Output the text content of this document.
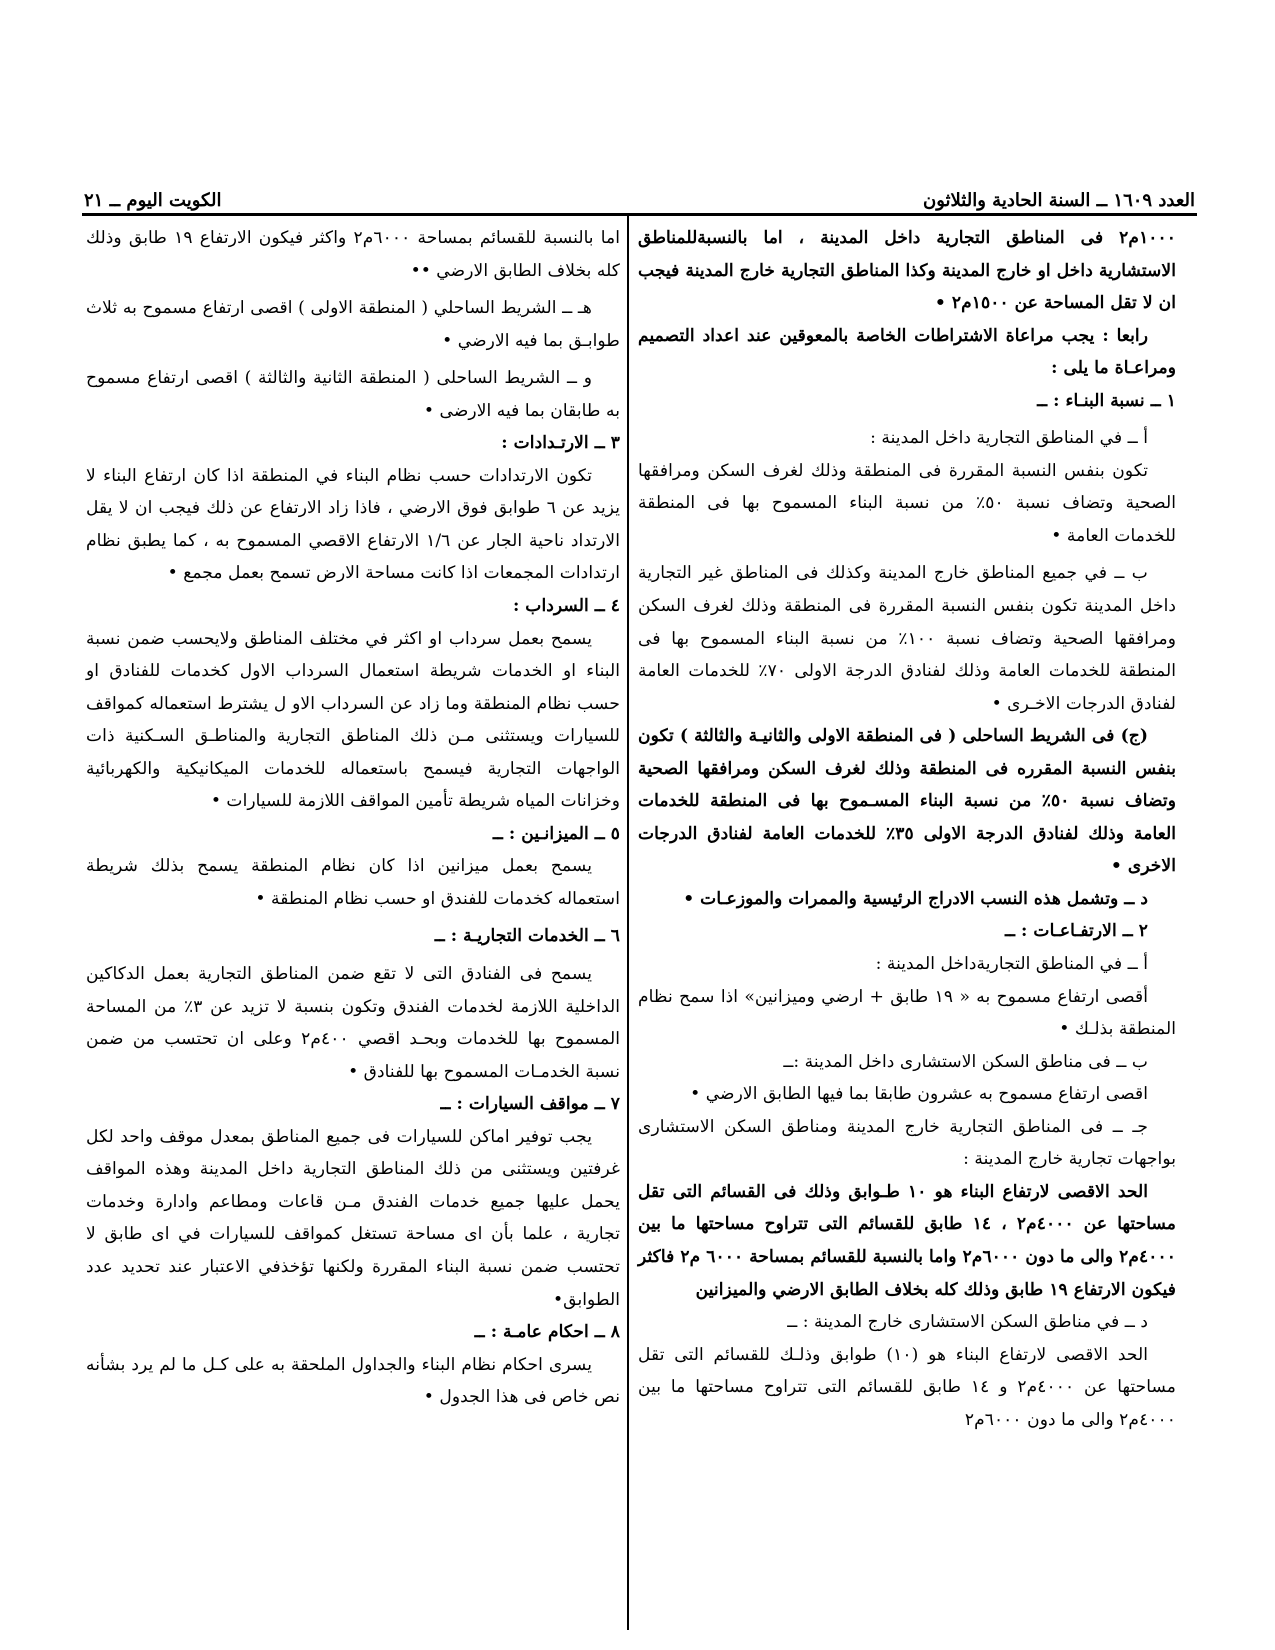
العدد ١٦٠٩ ــ السنة الحادية والثلاثون
الكويت اليوم ــ ٢١

١٠٠٠م٢ فى المناطق التجارية داخل المدينة ، اما بالنسبةللمناطق الاستشارية داخل او خارج المدينة وكذا المناطق التجارية خارج المدينة فيجب ان لا تقل المساحة عن ١٥٠٠م٢ •

رابعا : يجب مراعاة الاشتراطات الخاصة بالمعوقين عند اعداد التصميم ومراعـاة ما يلى :

١ ــ نسبة البنـاء : ــ

أ ــ في المناطق التجارية داخل المدينة :

تكون بنفس النسبة المقررة فى المنطقة وذلك لغرف السكن ومرافقها الصحية وتضاف نسبة ٥٠٪ من نسبة البناء المسموح بها فى المنطقة للخدمات العامة •

ب ــ في جميع المناطق خارج المدينة وكذلك فى المناطق غير التجارية داخل المدينة تكون بنفس النسبة المقررة فى المنطقة وذلك لغرف السكن ومرافقها الصحية وتضاف نسبة ١٠٠٪ من نسبة البناء المسموح بها فى المنطقة للخدمات العامة وذلك لفنادق الدرجة الاولى ٧٠٪ للخدمات العامة لفنادق الدرجات الاخـرى •

(ج) فى الشريط الساحلى ( فى المنطقة الاولى والثانيـة والثالثة ) تكون بنفس النسبة المقرره فى المنطقة وذلك لغرف السكن ومرافقها الصحية وتضاف نسبة ٥٠٪ من نسبة البناء المسـموح بها فى المنطقة للخدمات العامة وذلك لفنادق الدرجة الاولى ٣٥٪ للخدمات العامة لفنادق الدرجات الاخرى •

د ــ وتشمل هذه النسب الادراج الرئيسية والممرات والموزعـات •

٢ ــ الارتفـاعـات : ــ

أ ــ في المناطق التجاريةداخل المدينة :

أقصى ارتفاع مسموح به « ١٩ طابق + ارضي وميزانين» اذا سمح نظام المنطقة بذلـك •

ب ــ فى مناطق السكن الاستشارى داخل المدينة :ــ

اقصى ارتفاع مسموح به عشرون طابقا بما فيها الطابق الارضي •

جـ ــ فى المناطق التجارية خارج المدينة ومناطق السكن الاستشارى بواجهات تجارية خارج المدينة :

الحد الاقصى لارتفاع البناء هو ١٠ طـوابق وذلك فى القسائم التى تقل مساحتها عن ٤٠٠٠م٢ ، ١٤ طابق للقسائم التى تتراوح مساحتها ما بين ٤٠٠٠م٢ والى ما دون ٦٠٠٠م٢ واما بالنسبة للقسائم بمساحة ٦٠٠٠ م٢ فاكثر فيكون الارتفاع ١٩ طابق وذلك كله بخلاف الطابق الارضي والميزانين

د ــ في مناطق السكن الاستشارى خارج المدينة : ــ

الحد الاقصى لارتفاع البناء هو (١٠) طوابق وذلـك للقسائم التى تقل مساحتها عن ٤٠٠٠م٢ و ١٤ طابق للقسائم التى تتراوح مساحتها ما بين ٤٠٠٠م٢ والى ما دون ٦٠٠٠م٢

اما بالنسبة للقسائم بمساحة ٦٠٠٠م٢ واكثر فيكون الارتفاع ١٩ طابق وذلك كله بخلاف الطابق الارضي ••

هـ ــ الشريط الساحلي ( المنطقة الاولى ) اقصى ارتفاع مسموح به ثلاث طوابـق بما فيه الارضي •

و ــ الشريط الساحلى ( المنطقة الثانية والثالثة ) اقصى ارتفاع مسموح به طابقان بما فيه الارضى •

٣ ــ الارتـدادات :

تكون الارتدادات حسب نظام البناء في المنطقة اذا كان ارتفاع البناء لا يزيد عن ٦ طوابق فوق الارضي ، فاذا زاد الارتفاع عن ذلك فيجب ان لا يقل الارتداد ناحية الجار عن ١/٦ الارتفاع الاقصي المسموح به ، كما يطبق نظام ارتدادات المجمعات اذا كانت مساحة الارض تسمح بعمل مجمع •

٤ ــ السرداب :

يسمح بعمل سرداب او اكثر في مختلف المناطق ولايحسب ضمن نسبة البناء او الخدمات شريطة استعمال السرداب الاول كخدمات للفنادق او حسب نظام المنطقة وما زاد عن السرداب الاو ل يشترط استعماله كمواقف للسيارات ويستثنى مـن ذلك المناطق التجارية والمناطـق السـكنية ذات الواجهات التجارية فيسمح باستعماله للخدمات الميكانيكية والكهربائية وخزانات المياه شريطة تأمين المواقف اللازمة للسيارات •

٥ ــ الميزانـين : ــ

يسمح بعمل ميزانين اذا كان نظام المنطقة يسمح بذلك شريطة استعماله كخدمات للفندق او حسب نظام المنطقة •

٦ ــ الخدمات التجاريـة : ــ

يسمح فى الفنادق التى لا تقع ضمن المناطق التجارية بعمل الدكاكين الداخلية اللازمة لخدمات الفندق وتكون بنسبة لا تزيد عن ٣٪ من المساحة المسموح بها للخدمات وبحـد اقصي ٤٠٠م٢ وعلى ان تحتسب من ضمن نسبة الخدمـات المسموح بها للفنادق •

٧ ــ مواقف السيارات : ــ

يجب توفير اماكن للسيارات فى جميع المناطق بمعدل موقف واحد لكل غرفتين ويستثنى من ذلك المناطق التجارية داخل المدينة وهذه المواقف يحمل عليها جميع خدمات الفندق مـن قاعات ومطاعم وادارة وخدمات تجارية ، علما بأن اى مساحة تستغل كمواقف للسيارات في اى طابق لا تحتسب ضمن نسبة البناء المقررة ولكنها تؤخذفي الاعتبار عند تحديد عدد الطوابق•

٨ ــ احكام عامـة : ــ

يسرى احكام نظام البناء والجداول الملحقة به على كـل ما لم يرد بشأنه نص خاص فى هذا الجدول •
